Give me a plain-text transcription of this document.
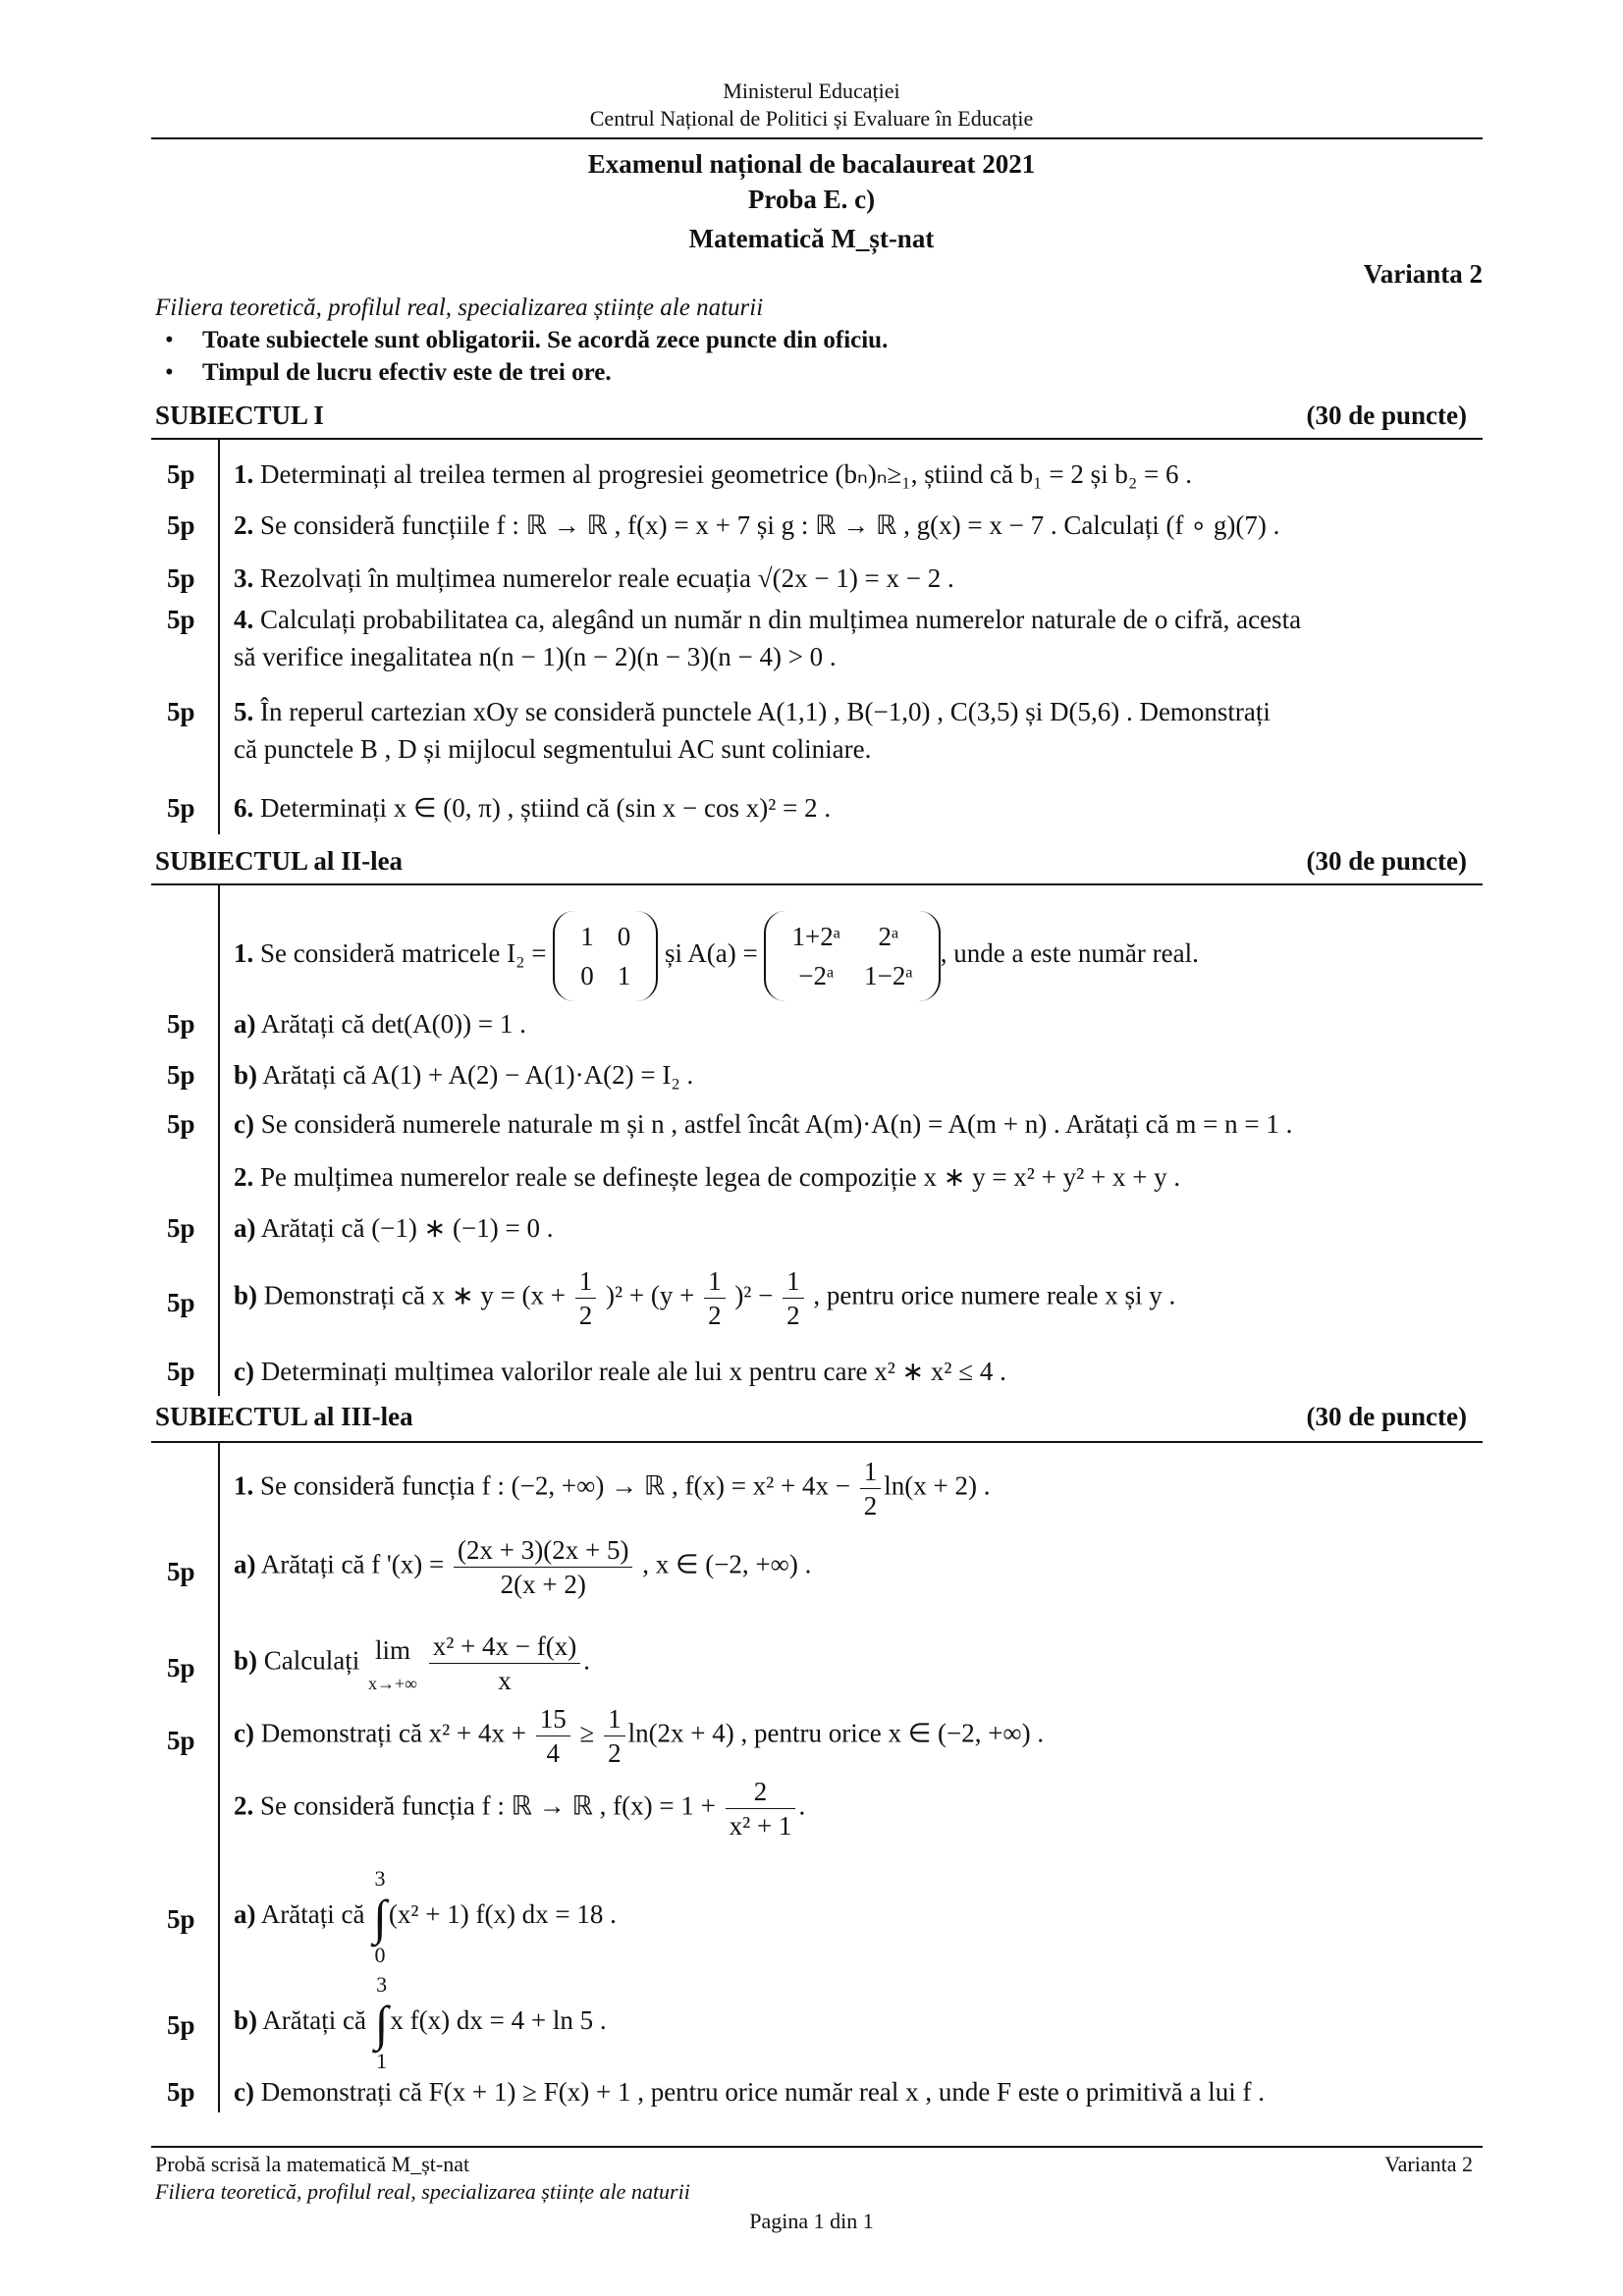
Ministerul Educației
Centrul Național de Politici și Evaluare în Educație
Examenul național de bacalaureat 2021
Proba E. c)
Matematică M_șt-nat
Varianta 2
Filiera teoretică, profilul real, specializarea științe ale naturii
• Toate subiectele sunt obligatorii. Se acordă zece puncte din oficiu.
• Timpul de lucru efectiv este de trei ore.
SUBIECTUL I	(30 de puncte)
5p 1. Determinați al treilea termen al progresiei geometrice (bₙ)ₙ≥₁, știind că b₁ = 2 și b₂ = 6 .
5p 2. Se consideră funcțiile f : ℝ → ℝ , f(x) = x + 7 și g : ℝ → ℝ , g(x) = x − 7 . Calculați (f ∘ g)(7) .
5p 3. Rezolvați în mulțimea numerelor reale ecuația √(2x − 1) = x − 2 .
5p 4. Calculați probabilitatea ca, alegând un număr n din mulțimea numerelor naturale de o cifră, acesta
să verifice inegalitatea n(n − 1)(n − 2)(n − 3)(n − 4) > 0 .
5p 5. În reperul cartezian xOy se consideră punctele A(1,1) , B(−1,0) , C(3,5) și D(5,6) . Demonstrați
că punctele B , D și mijlocul segmentului AC sunt coliniare.
5p 6. Determinați x ∈ (0, π) , știind că (sin x − cos x)² = 2 .
SUBIECTUL al II-lea	(30 de puncte)
1. Se consideră matricele I₂ =
1	0
0	1
și A(a) =
1+2ᵃ	2ᵃ
−2ᵃ	1−2ᵃ
, unde a este număr real.
5p a) Arătați că det(A(0)) = 1 .
5p b) Arătați că A(1) + A(2) − A(1)·A(2) = I₂ .
5p c) Se consideră numerele naturale m și n , astfel încât A(m)·A(n) = A(m + n) . Arătați că m = n = 1 .
2. Pe mulțimea numerelor reale se definește legea de compoziție x ∗ y = x² + y² + x + y .
5p a) Arătați că (−1) ∗ (−1) = 0 .
5p b) Demonstrați că x ∗ $y = (x + \frac{1}{2} )^2 + (y + \frac{1}{2} )^2 - \frac{1}{2}$ , pentru orice numere reale x și y .
5p c) Determinați mulțimea valorilor reale ale lui x pentru care x² ∗ x² ≤ 4 .
SUBIECTUL al III-lea	(30 de puncte)
1. Se consideră funcția f : (−2, +∞) → ℝ , $f(x) = x^2 + 4x - \frac{1}{2} \ln(x + 2)$ .
5p a) Arătați că f '$(x) = \frac{(2x + 3)(2x + 5)}{2(x + 2)}$ , x ∈ (−2, +∞) .
5p b) Calculați lim
x→+∞
$\frac{\text{x² + 4x − f(x)}}{x}$ .
5p c) Demonstrați că $x^2 + 4x + \frac{15}{4} \ge \frac{1}{2} \ln(2x + 4)$ , pentru orice x ∈ (−2, +∞) .
2. Se consideră funcția f : ℝ → ℝ , $f(x) = 1 + \frac{2}{\text{x² + 1}}$ .
5p a) Arătați că 3
∫
0(x² + 1) f(x) dx = 18 .
5p b) Arătați că 3
∫
1x f(x) dx = 4 + ln 5 .
5p c) Demonstrați că F(x + 1) ≥ F(x) + 1 , pentru orice număr real x , unde F este o primitivă a lui f .
Probă scrisă la matematică M_șt-nat
Filiera teoretică, profilul real, specializarea științe ale naturii
Varianta 2
Pagina 1 din 1
